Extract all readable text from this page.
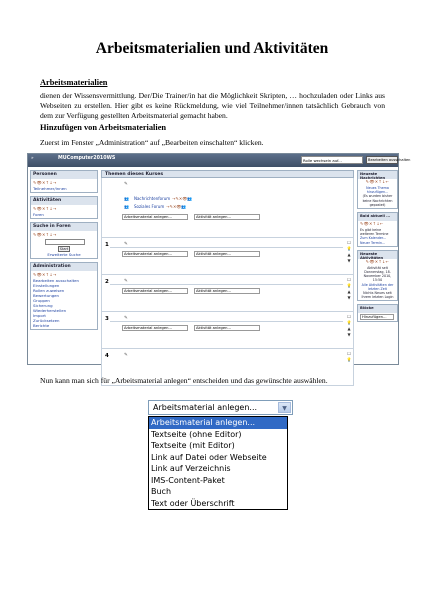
Arbeitsmaterialien und Aktivitäten
Arbeitsmaterialien
dienen der Wissensvermittlung. Der/Die Trainer/in hat die Möglichkeit Skripten, … hochzuladen oder Links aus Webseiten zu erstellen. Hier gibt es keine Rückmeldung, wie viel Teilnehmer/innen tatsächlich Gebrauch von dem zur Verfügung gestellten Arbeitsmaterial gemacht haben.
Hinzufügen von Arbeitsmaterialien
Zuerst im Fenster „Administration“ auf „Bearbeiten einschalten“ klicken.
»	MUComputer2010WS	Rolle wechseln auf...	Bearbeiten ausschalten
Personen
✎👁✕↑↓→
Teilnehmer/innen
Aktivitäten
✎👁✕↑↓→
Foren
Suche in Foren
✎👁✕↑↓→
Start
Erweiterte Suche
Administration
✎👁✕↑↓→
Bearbeiten ausschalten
Einstellungen
Rollen zuweisen
Bewertungen
Gruppen
Sicherung
Wiederherstellen
Import
Zurücksetzen
Berichte
Themen dieses Kurses
✎
👥 Nachrichtenforum →✎✕👁👥
👥 Soziales Forum →✎✕👁👥
Arbeitsmaterial anlegen...	Aktivität anlegen...
1	✎
Arbeitsmaterial anlegen...	Aktivität anlegen...
☐
💡
▲
▼
2	✎
Arbeitsmaterial anlegen...	Aktivität anlegen...
☐
💡
▲
▼
3	✎
Arbeitsmaterial anlegen...	Aktivität anlegen...
☐
💡
▲
▼
4	✎	☐
💡
Neueste Nachrichten
✎👁✕↑↓←
Neues Thema hinzufügen...
(Es wurden bisher keine Nachrichten gepostet)
Bald aktuell ...
✎👁✕↑↓←
Es gibt keine weiteren Termine
Zum Kalender...
Neuer Termin...
Neueste Aktivitäten
✎👁✕↑↓←
Aktivität seit Donnerstag, 18. November 2010, 15:50
Alle Aktivitäten der letzten Zeit
Nichts Neues seit Ihrem letzten Login
Blöcke
Hinzufügen...
Nun kann man sich für „Arbeitsmaterial anlegen“ entscheiden und das gewünschte auswählen.
Arbeitsmaterial anlegen...	▼
Arbeitsmaterial anlegen...
Textseite (ohne Editor)
Textseite (mit Editor)
Link auf Datei oder Webseite
Link auf Verzeichnis
IMS-Content-Paket
Buch
Text oder Überschrift
